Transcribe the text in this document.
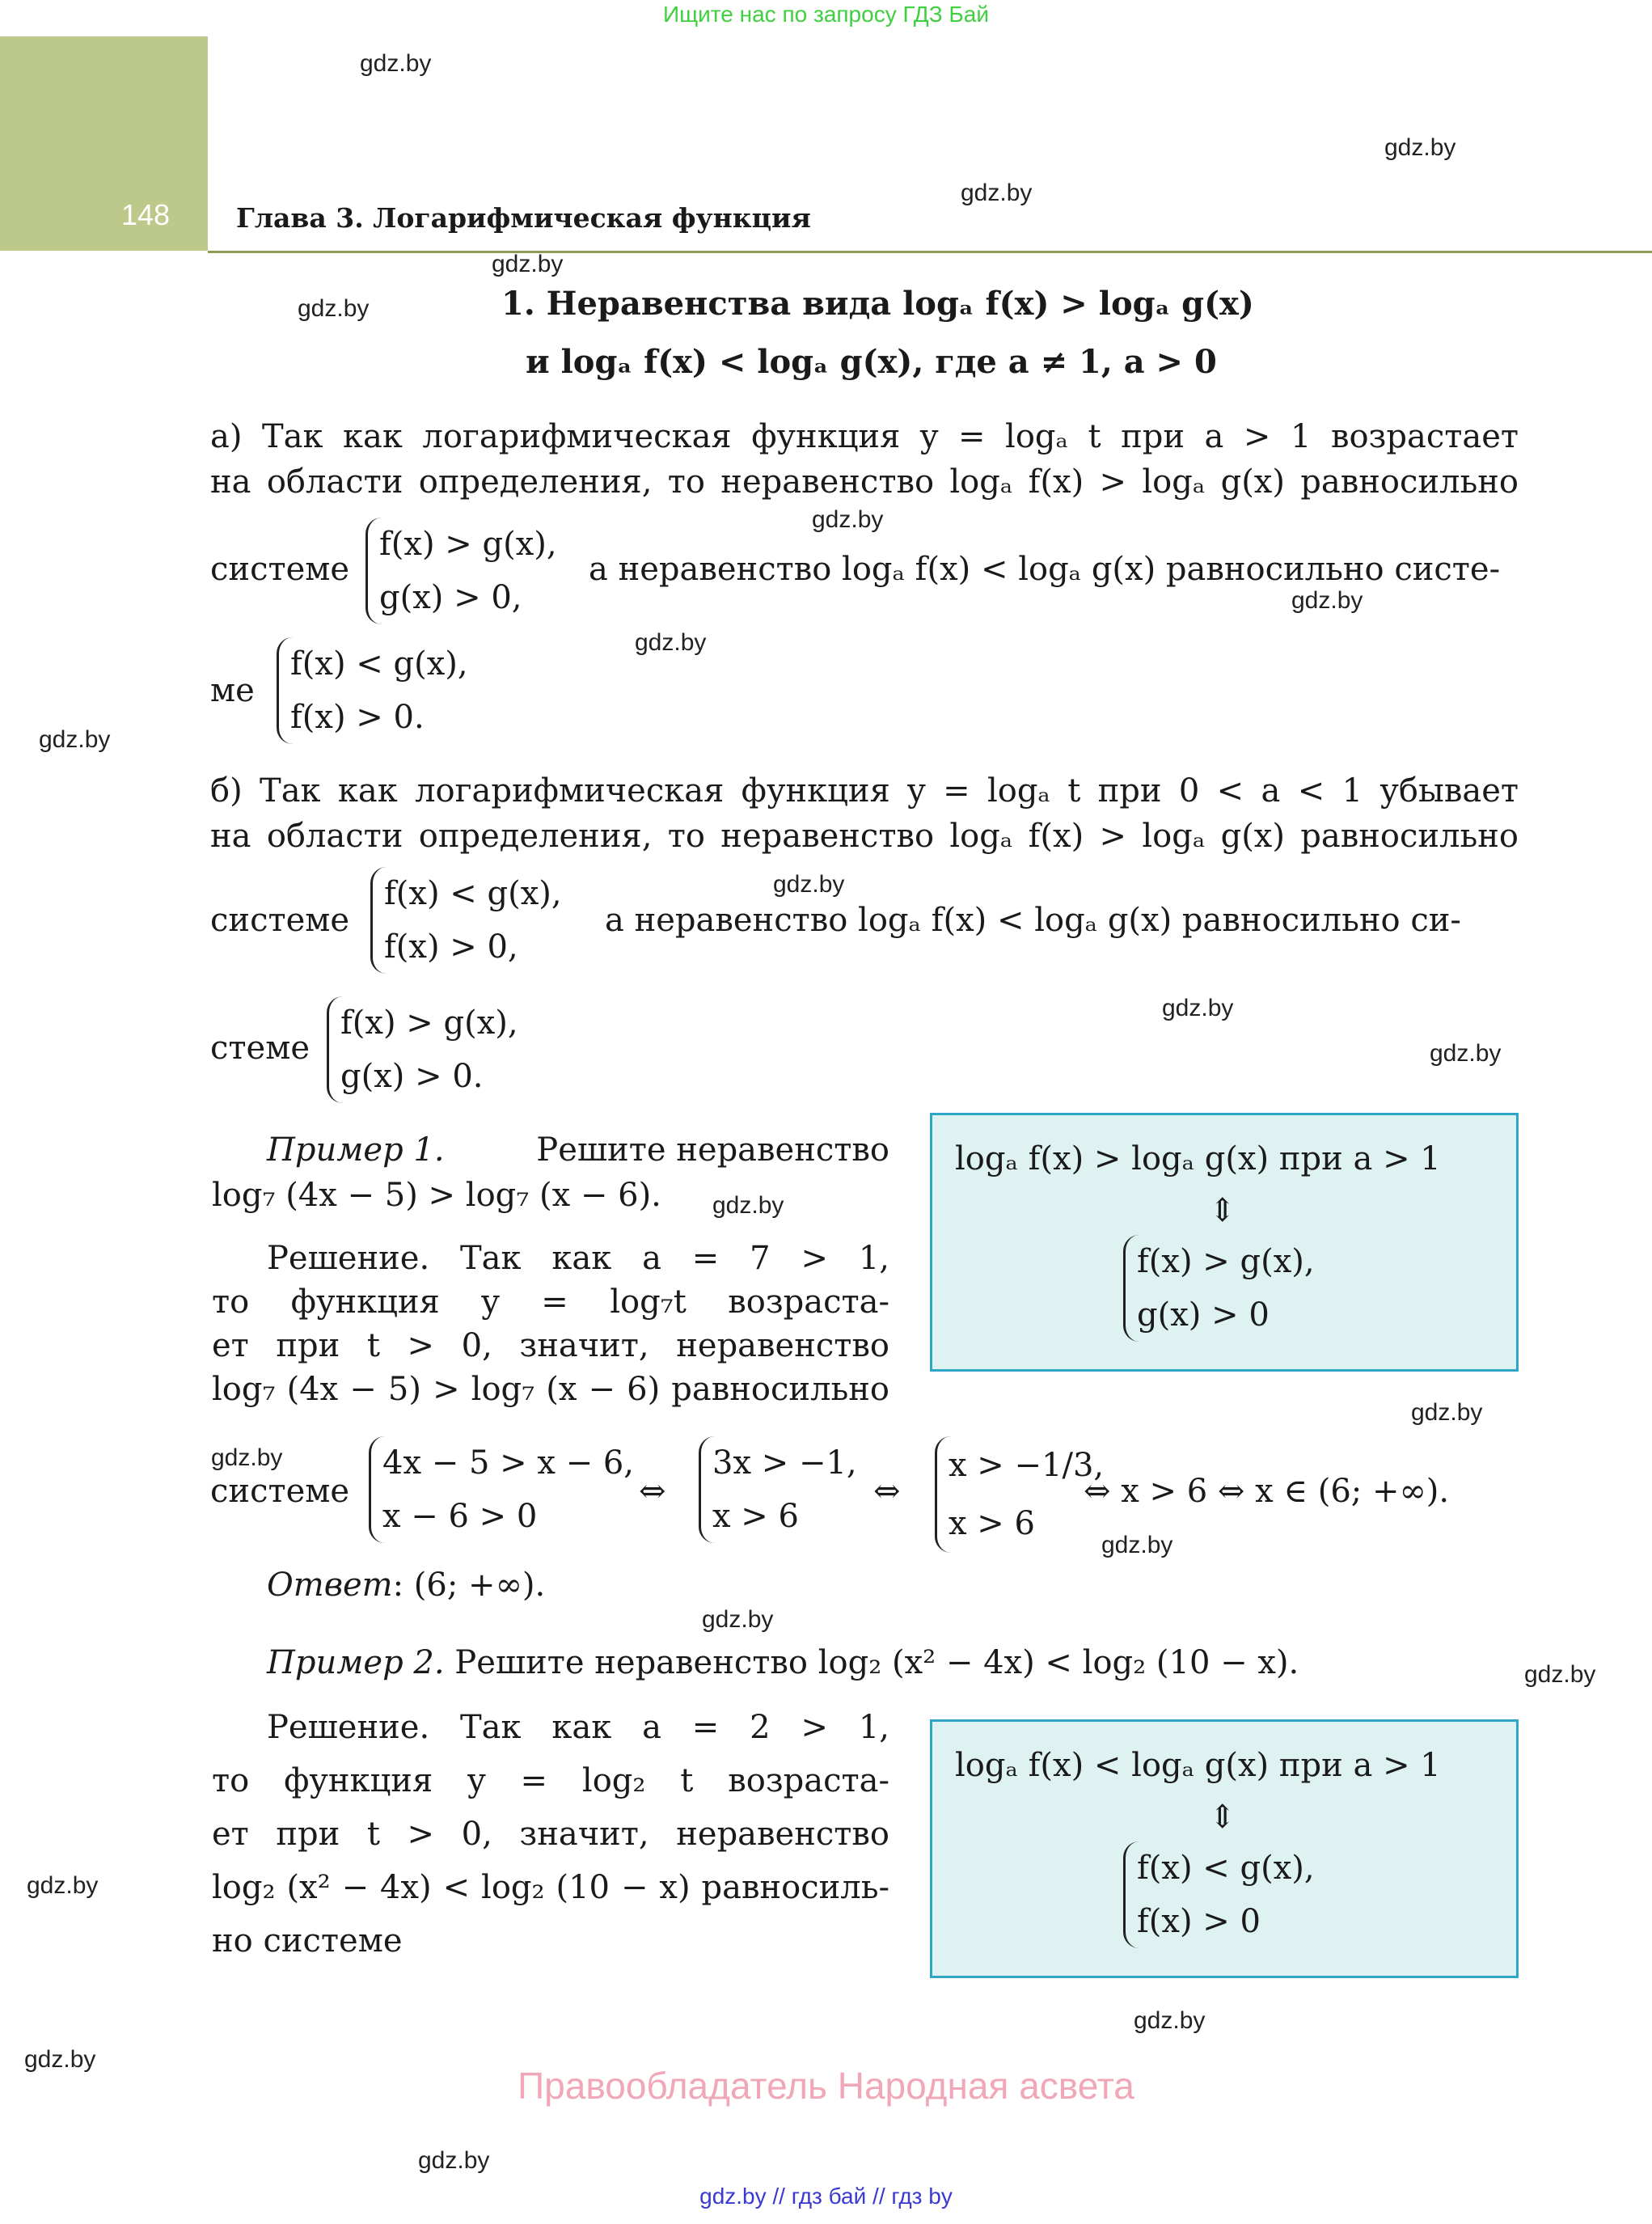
Ищите нас по запросу ГДЗ Бай
148 Глава 3. Логарифмическая функция
gdz.by
gdz.by
gdz.by
gdz.by
gdz.by
gdz.by
gdz.by
gdz.by
gdz.by
gdz.by
gdz.by
gdz.by
gdz.by
gdz.by
gdz.by
gdz.by
gdz.by
gdz.by
gdz.by
gdz.by
gdz.by
gdz.by
1. Неравенства вида logₐ f(x) > logₐ g(x)
и logₐ f(x) < logₐ g(x), где a ≠ 1, a > 0
а) Так как логарифмическая функция y = logₐ t при a > 1 возрастает
на области определения, то неравенство logₐ f(x) > logₐ g(x) равносильно
системе
f(x) > g(x),
g(x) > 0,
а неравенство logₐ f(x) < logₐ g(x) равносильно систе-
ме
f(x) < g(x),
f(x) > 0.
б) Так как логарифмическая функция y = logₐ t при 0 < a < 1 убывает
на области определения, то неравенство logₐ f(x) > logₐ g(x) равносильно
системе
f(x) < g(x),
f(x) > 0,
а неравенство logₐ f(x) < logₐ g(x) равносильно си-
стеме
f(x) > g(x),
g(x) > 0.
Пример 1.	Решите неравенство
log₇ (4x − 5) > log₇ (x − 6).
Решение. Так как a = 7 > 1,
то функция y = log₇t возраста-
ет при t > 0, значит, неравенство
log₇ (4x − 5) > log₇ (x − 6) равносильно
logₐ f(x) > logₐ g(x) при a > 1
⇕
f(x) > g(x),
g(x) > 0
системе
4x − 5 > x − 6,
x − 6 > 0
⇔
3x > −1,
x > 6
⇔
x > −1/3,
x > 6
⇔ x > 6 ⇔ x ∈ (6; +∞).
Ответ: (6; +∞).
Пример 2. Решите неравенство log₂ (x² − 4x) < log₂ (10 − x).
Решение. Так как a = 2 > 1,
то функция y = log₂ t возраста-
ет при t > 0, значит, неравенство
log₂ (x² − 4x) < log₂ (10 − x) равносиль-
но системе
logₐ f(x) < logₐ g(x) при a > 1
⇕
f(x) < g(x),
f(x) > 0
Правообладатель Народная асвета
gdz.by // гдз бай // гдз by
